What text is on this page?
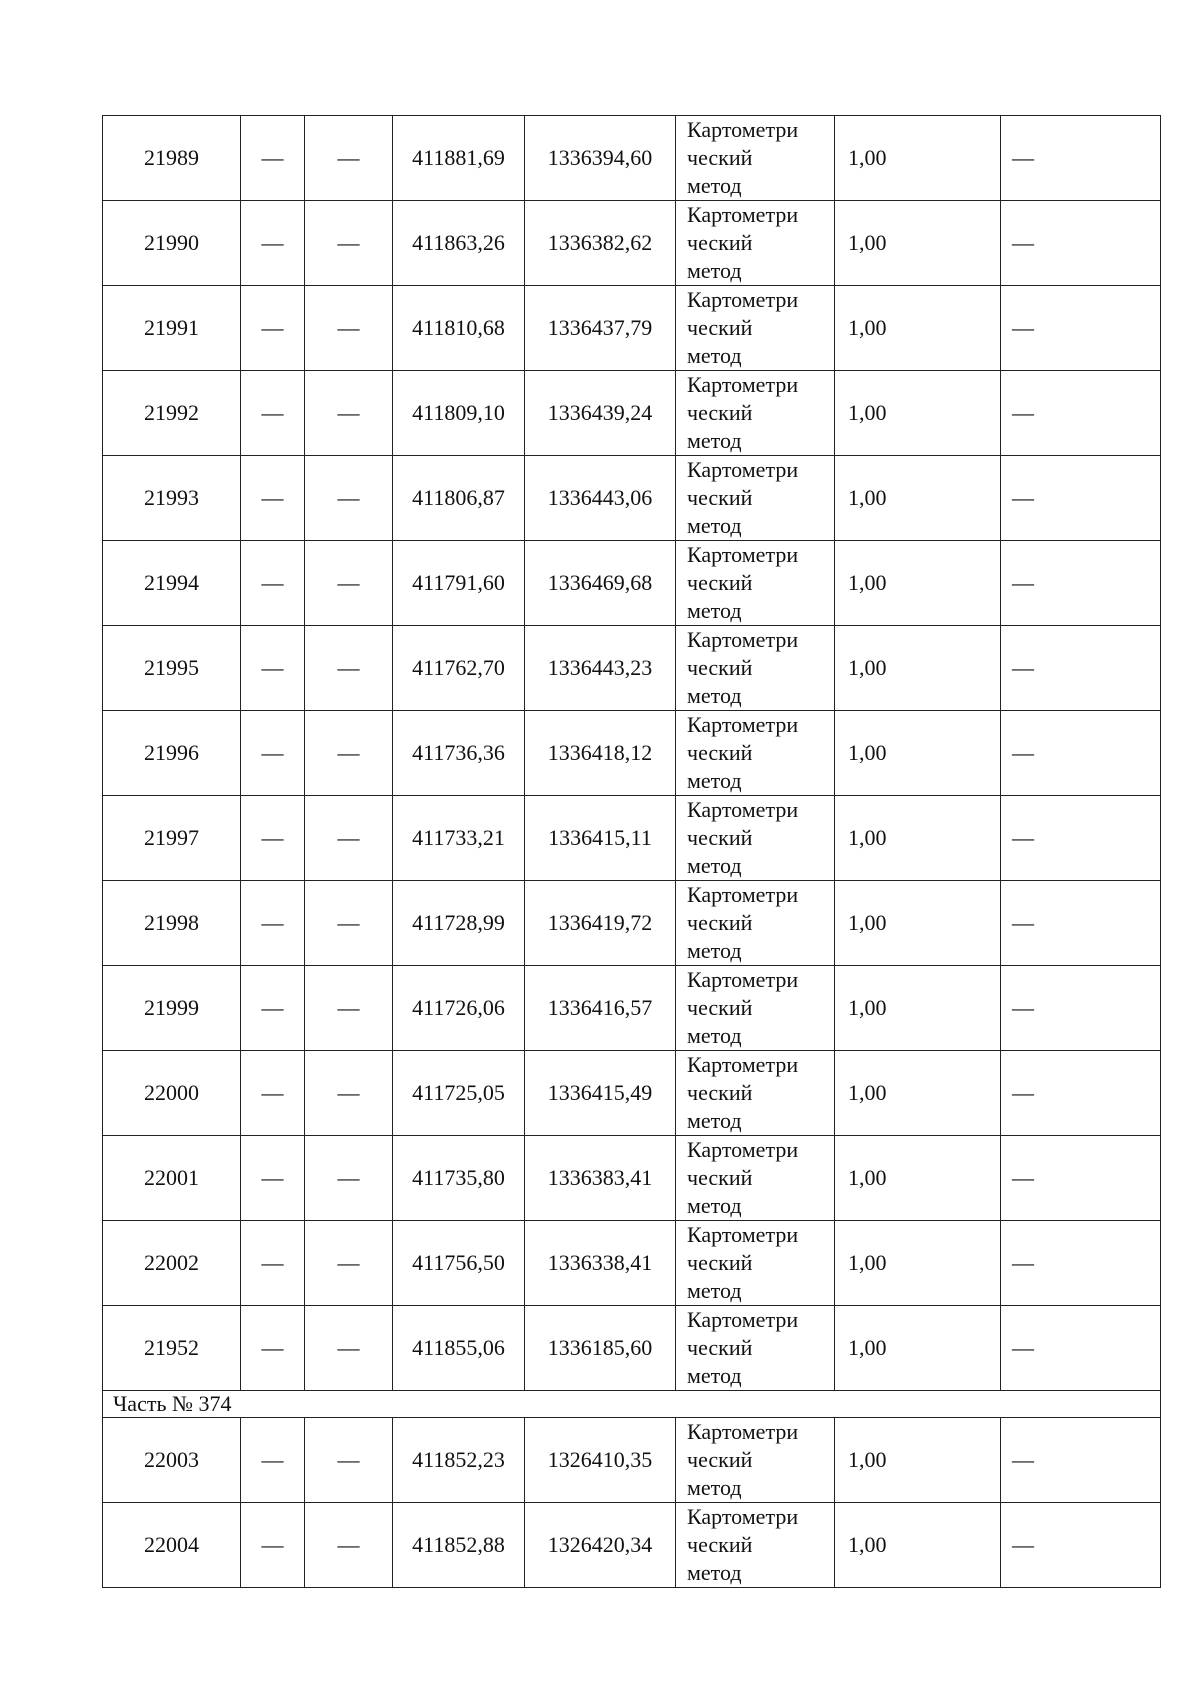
21989	—	—	411881,69	1336394,60	Картометри
ческий
метод	1,00	—
21990	—	—	411863,26	1336382,62	Картометри
ческий
метод	1,00	—
21991	—	—	411810,68	1336437,79	Картометри
ческий
метод	1,00	—
21992	—	—	411809,10	1336439,24	Картометри
ческий
метод	1,00	—
21993	—	—	411806,87	1336443,06	Картометри
ческий
метод	1,00	—
21994	—	—	411791,60	1336469,68	Картометри
ческий
метод	1,00	—
21995	—	—	411762,70	1336443,23	Картометри
ческий
метод	1,00	—
21996	—	—	411736,36	1336418,12	Картометри
ческий
метод	1,00	—
21997	—	—	411733,21	1336415,11	Картометри
ческий
метод	1,00	—
21998	—	—	411728,99	1336419,72	Картометри
ческий
метод	1,00	—
21999	—	—	411726,06	1336416,57	Картометри
ческий
метод	1,00	—
22000	—	—	411725,05	1336415,49	Картометри
ческий
метод	1,00	—
22001	—	—	411735,80	1336383,41	Картометри
ческий
метод	1,00	—
22002	—	—	411756,50	1336338,41	Картометри
ческий
метод	1,00	—
21952	—	—	411855,06	1336185,60	Картометри
ческий
метод	1,00	—
Часть № 374							
22003	—	—	411852,23	1326410,35	Картометри
ческий
метод	1,00	—
22004	—	—	411852,88	1326420,34	Картометри
ческий
метод	1,00	—
